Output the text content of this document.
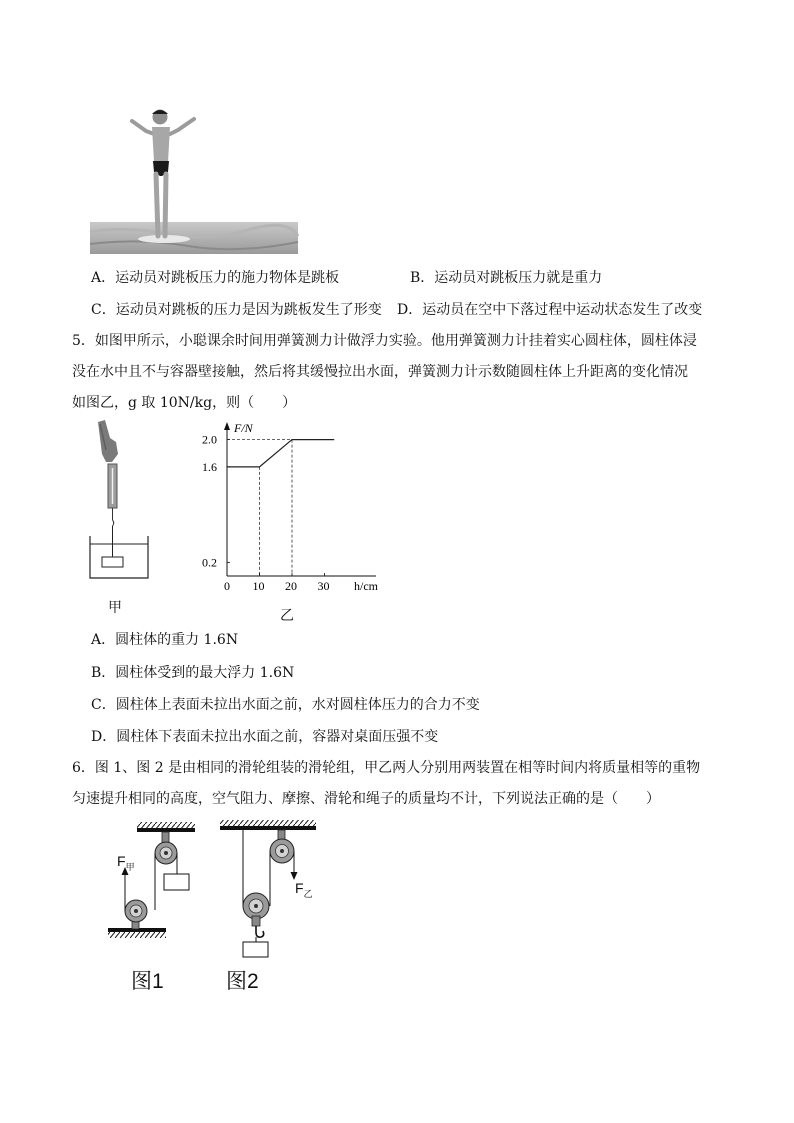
A．运动员对跳板压力的施力物体是跳板	B．运动员对跳板压力就是重力
C．运动员对跳板的压力是因为跳板发生了形变 D．运动员在空中下落过程中运动状态发生了改变
5．如图甲所示，小聪课余时间用弹簧测力计做浮力实验。他用弹簧测力计挂着实心圆柱体，圆柱体浸
没在水中且不与容器壁接触，然后将其缓慢拉出水面，弹簧测力计示数随圆柱体上升距离的变化情况
如图乙，g 取 10N/kg，则（　　）
甲
0 10 20 30
0.2
1.6
2.0
F/N
h/cm
乙
A．圆柱体的重力 1.6N
B．圆柱体受到的最大浮力 1.6N
C．圆柱体上表面未拉出水面之前，水对圆柱体压力的合力不变
D．圆柱体下表面未拉出水面之前，容器对桌面压强不变
6．图 1、图 2 是由相同的滑轮组装的滑轮组，甲乙两人分别用两装置在相等时间内将质量相等的重物
匀速提升相同的高度，空气阻力、摩擦、滑轮和绳子的质量均不计，下列说法正确的是（　　）
$F_甲$
$F_乙$
图1	图2
